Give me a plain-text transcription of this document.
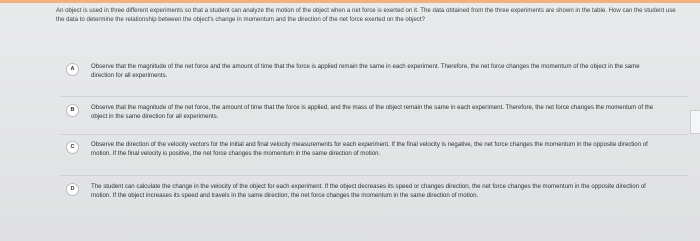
An object is used in three different experiments so that a student can analyze the motion of the object when a net force is exerted on it. The data obtained from the three experiments are shown in the table. How can the student use the data to determine the relationship between the object's change in momentum and the direction of the net force exerted on the object?
A	Observe that the magnitude of the net force and the amount of time that the force is applied remain the same in each experiment. Therefore, the net force changes the momentum of the object in the same direction for all experiments.
B	Observe that the magnitude of the net force, the amount of time that the force is applied, and the mass of the object remain the same in each experiment. Therefore, the net force changes the momentum of the object in the same direction for all experiments.
C	Observe the direction of the velocity vectors for the initial and final velocity measurements for each experiment. If the final velocity is negative, the net force changes the momentum in the opposite direction of motion. If the final velocity is positive, the net force changes the momentum in the same direction of motion.
D	The student can calculate the change in the velocity of the object for each experiment. If the object decreases its speed or changes direction, the net force changes the momentum in the opposite direction of motion. If the object increases its speed and travels in the same direction, the net force changes the momentum in the same direction of motion.
